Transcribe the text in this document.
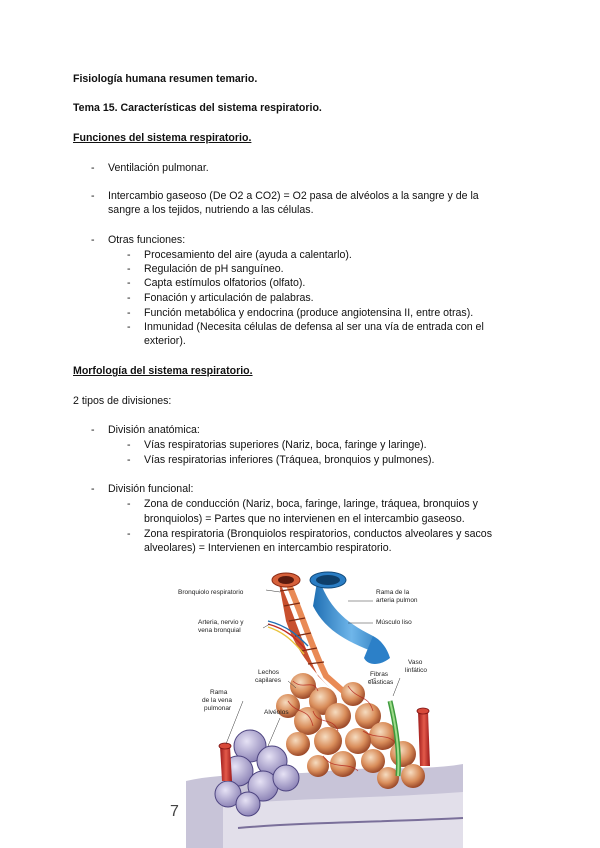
Fisiología humana resumen temario.
Tema 15. Características del sistema respiratorio.
Funciones del sistema respiratorio.
- Ventilación pulmonar.
- Intercambio gaseoso (De O2 a CO2) = O2 pasa de alvéolos a la sangre y de la
sangre a los tejidos, nutriendo a las células.
- Otras funciones:
- Procesamiento del aire (ayuda a calentarlo).
- Regulación de pH sanguíneo.
- Capta estímulos olfatorios (olfato).
- Fonación y articulación de palabras.
- Función metabólica y endocrina (produce angiotensina II, entre otras).
- Inmunidad (Necesita células de defensa al ser una vía de entrada con el
exterior).
Morfología del sistema respiratorio.
2 tipos de divisiones:
- División anatómica:
- Vías respiratorias superiores (Nariz, boca, faringe y laringe).
- Vías respiratorias inferiores (Tráquea, bronquios y pulmones).
- División funcional:
- Zona de conducción (Nariz, boca, faringe, laringe, tráquea, bronquios y
bronquiolos) = Partes que no intervienen en el intercambio gaseoso.
- Zona respiratoria (Bronquiolos respiratorios, conductos alveolares y sacos
alveolares) = Intervienen en intercambio respiratorio.
Bronquiolo respiratorio	Rama de la
arteria pulmon
Arteria, nervio y
vena bronquial
Músculo liso
Lechos
capilares
Vaso
linfático
Fibras
elásticas
Rama
de la vena
pulmonar
Alvéolos
7
